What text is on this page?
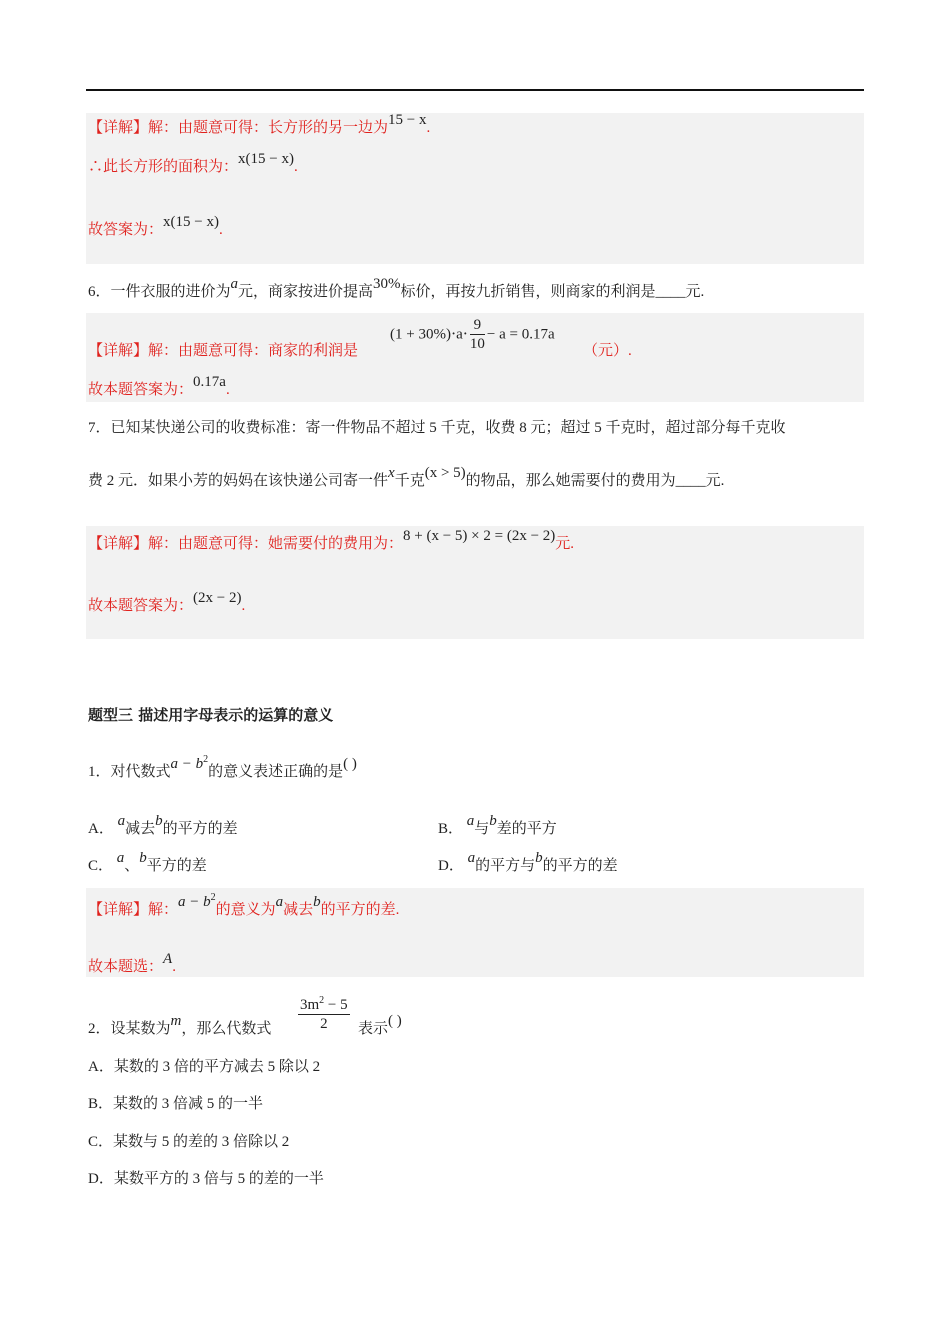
【详解】解：由题意可得：长方形的另一边为15 − x.
∴此长方形的面积为：x(15 − x).
故答案为：x(15 − x).
6．一件衣服的进价为a元，商家按进价提高30%标价，再按九折销售，则商家的利润是____元.
【详解】解：由题意可得：商家的利润是
$(1 + 30\%)\cdot a\cdot \frac{9}{10} - a = 0.17a$
（元）.
故本题答案为：0.17a.
7．已知某快递公司的收费标准：寄一件物品不超过 5 千克，收费 8 元；超过 5 千克时，超过部分每千克收
费 2 元．如果小芳的妈妈在该快递公司寄一件x千克(x > 5)的物品，那么她需要付的费用为____元.
【详解】解：由题意可得：她需要付的费用为：8 + (x − 5) × 2 = (2x − 2)元.
故本题答案为：(2x − 2).
题型三 描述用字母表示的运算的意义
1．对代数式$a - b^2$的意义表述正确的是( )
A． a减去b的平方的差	B． a与b差的平方
C． a、b平方的差	D． a的平方与b的平方的差
【详解】解：$a - b^2$的意义为a减去b的平方的差.
故本题选：A.
2．设某数为m，那么代数式 $\frac{3m^2 - 5}{2}$ 表示( )
A．某数的 3 倍的平方减去 5 除以 2
B．某数的 3 倍减 5 的一半
C．某数与 5 的差的 3 倍除以 2
D．某数平方的 3 倍与 5 的差的一半
